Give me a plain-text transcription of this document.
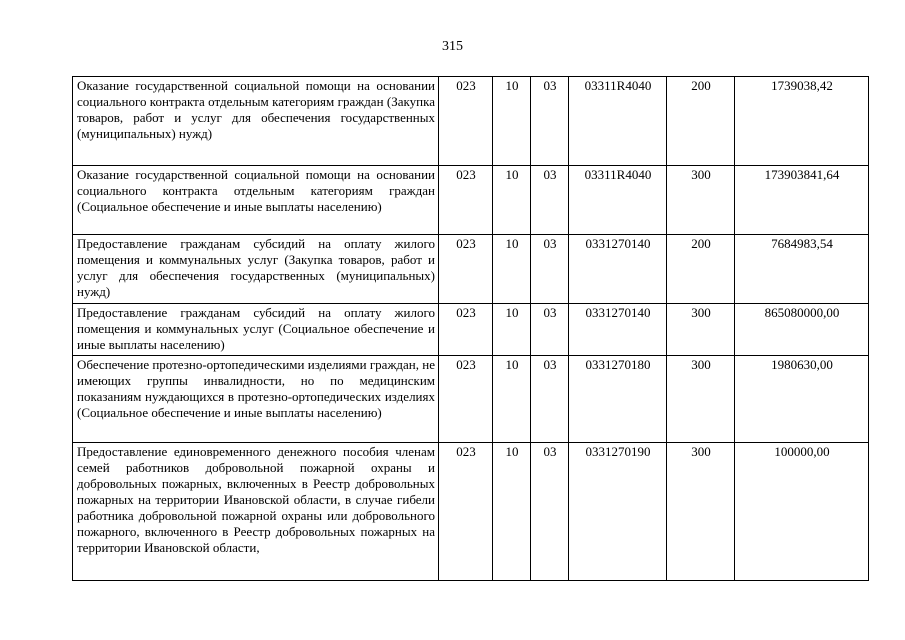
315
Оказание государственной социальной помощи на основании социального контракта отдельным категориям граждан (Закупка товаров, работ и услуг для обеспечения государственных (муниципальных) нужд)	023	10	03	03311R4040	200	1739038,42
Оказание государственной социальной помощи на основании социального контракта отдельным категориям граждан (Социальное обеспечение и иные выплаты населению)	023	10	03	03311R4040	300	173903841,64
Предоставление гражданам субсидий на оплату жилого помещения и коммунальных услуг (Закупка товаров, работ и услуг для обеспечения государственных (муниципальных) нужд)	023	10	03	0331270140	200	7684983,54
Предоставление гражданам субсидий на оплату жилого помещения и коммунальных услуг (Социальное обеспечение и иные выплаты населению)	023	10	03	0331270140	300	865080000,00
Обеспечение протезно-ортопедическими изделиями граждан, не имеющих группы инвалидности, но по медицинским показаниям нуждающихся в протезно-ортопедических изделиях (Социальное обеспечение и иные выплаты населению)	023	10	03	0331270180	300	1980630,00

Предоставление единовременного денежного пособия членам семей работников добровольной пожарной охраны и добровольных пожарных, включенных в Реестр добровольных пожарных на территории Ивановской области, в случае гибели работника добровольной пожарной охраны или добровольного пожарного, включенного в Реестр добровольных пожарных на территории Ивановской области,	023	10	03	0331270190	300	100000,00
